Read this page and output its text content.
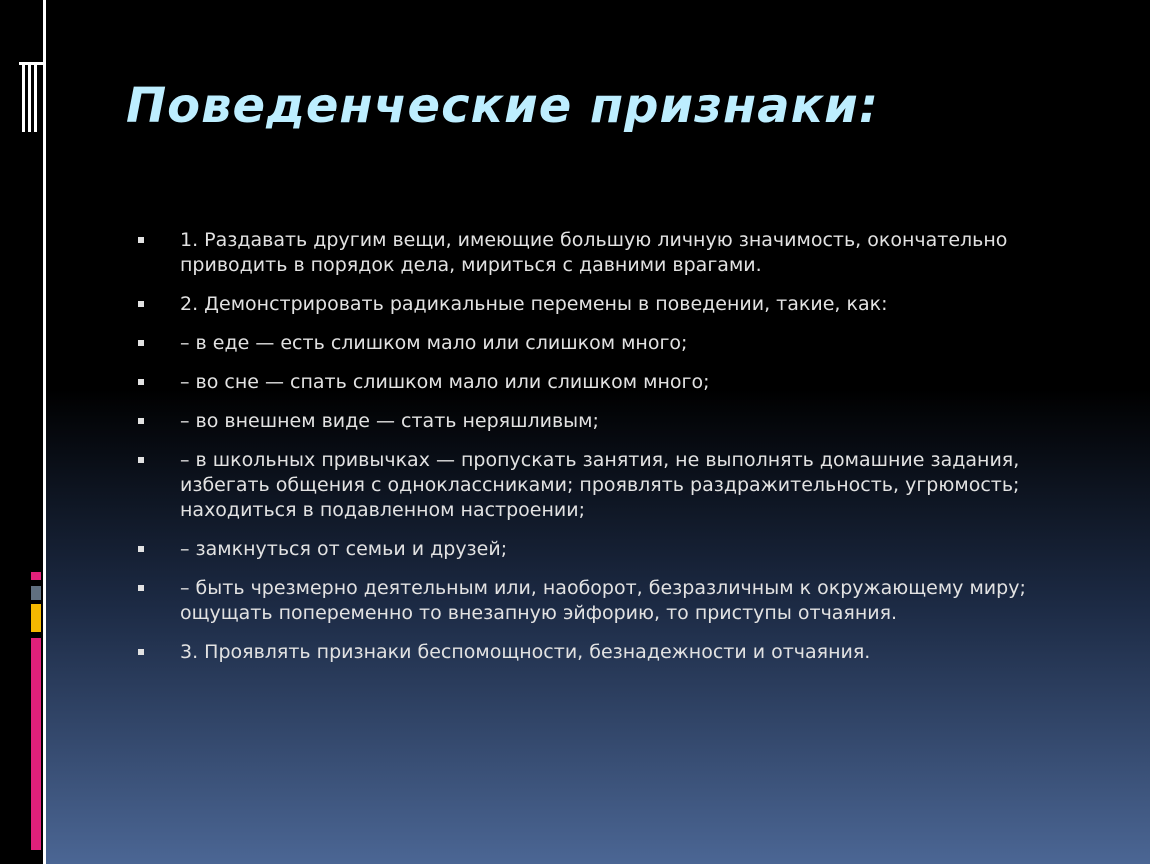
Поведенческие признаки:
1. Раздавать другим вещи, имеющие большую личную значимость, окончательно приводить в порядок дела, мириться с давними врагами.
2. Демонстрировать радикальные перемены в поведении, такие, как:
– в еде — есть слишком мало или слишком много;
– во сне — спать слишком мало или слишком много;
– во внешнем виде — стать неряшливым;
– в школьных привычках — пропускать занятия, не выполнять домашние задания, избегать общения с одноклассниками; проявлять раздражительность, угрюмость; находиться в подавленном настроении;
– замкнуться от семьи и друзей;
– быть чрезмерно деятельным или, наоборот, безразличным к окружающему миру; ощущать попеременно то внезапную эйфорию, то приступы отчаяния.
3. Проявлять признаки беспомощности, безнадежности и отчаяния.
